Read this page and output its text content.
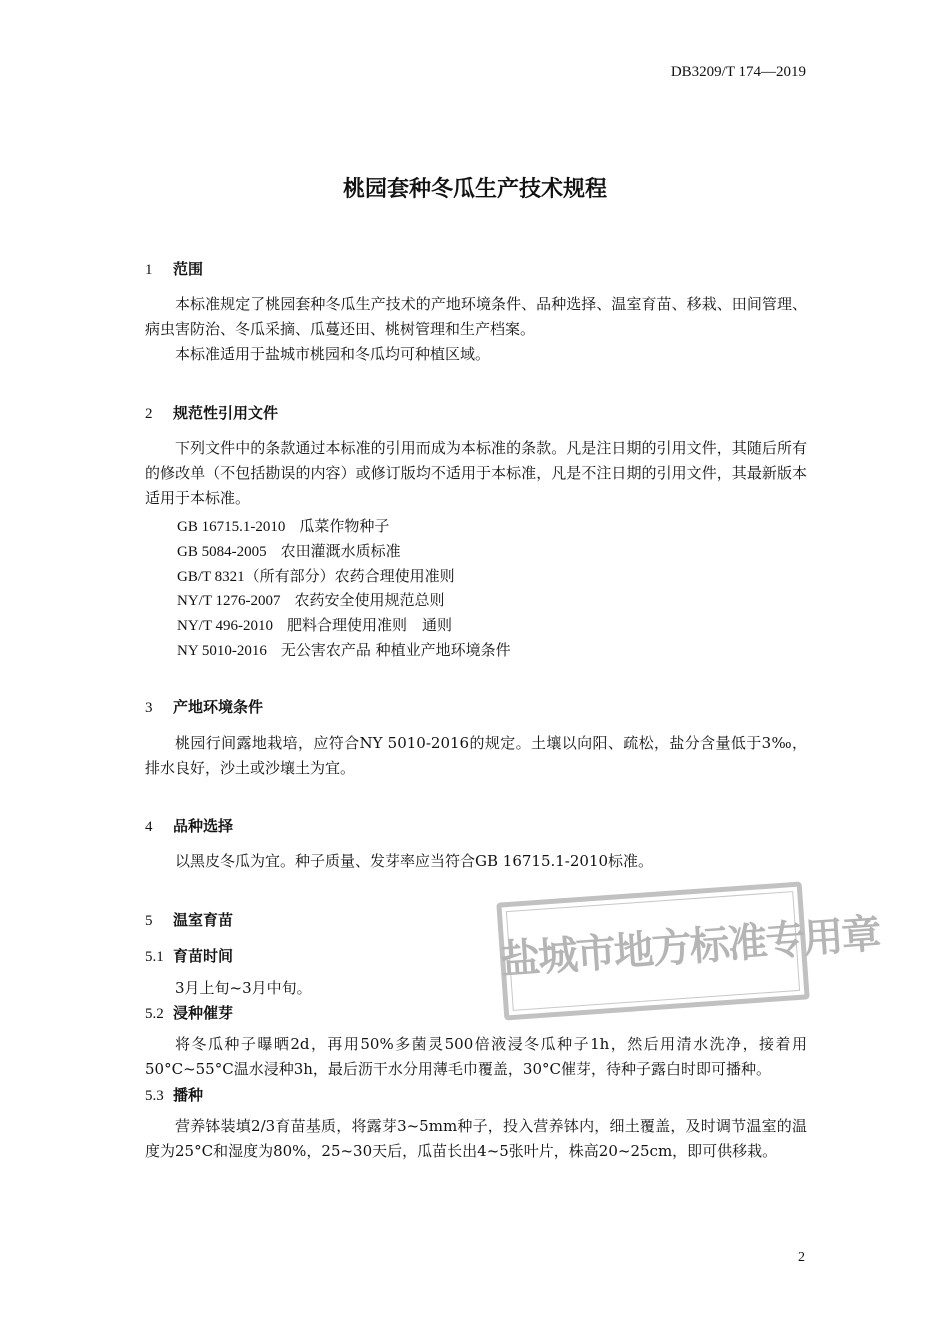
DB3209/T 174—2019
桃园套种冬瓜生产技术规程
1 范围
本标准规定了桃园套种冬瓜生产技术的产地环境条件、品种选择、温室育苗、移栽、田间管理、病虫害防治、冬瓜采摘、瓜蔓还田、桃树管理和生产档案。
本标准适用于盐城市桃园和冬瓜均可种植区域。
2 规范性引用文件
下列文件中的条款通过本标准的引用而成为本标准的条款。凡是注日期的引用文件，其随后所有的修改单（不包括勘误的内容）或修订版均不适用于本标准，凡是不注日期的引用文件，其最新版本适用于本标准。
GB 16715.1-2010 瓜菜作物种子
GB 5084-2005 农田灌溉水质标准
GB/T 8321（所有部分）农药合理使用准则
NY/T 1276-2007 农药安全使用规范总则
NY/T 496-2010 肥料合理使用准则　通则
NY 5010-2016 无公害农产品 种植业产地环境条件
3 产地环境条件
桃园行间露地栽培，应符合NY 5010-2016的规定。土壤以向阳、疏松，盐分含量低于3‰，排水良好，沙土或沙壤土为宜。
4 品种选择
以黑皮冬瓜为宜。种子质量、发芽率应当符合GB 16715.1-2010标准。
5 温室育苗
5.1 育苗时间
3月上旬~3月中旬。
5.2 浸种催芽
将冬瓜种子曝晒2d，再用50%多菌灵500倍液浸冬瓜种子1h，然后用清水洗净，接着用50°C~55°C温水浸种3h，最后沥干水分用薄毛巾覆盖，30°C催芽，待种子露白时即可播种。
5.3 播种
营养钵装填2/3育苗基质，将露芽3~5mm种子，投入营养钵内，细土覆盖，及时调节温室的温度为25°C和湿度为80%，25~30天后，瓜苗长出4~5张叶片，株高20~25cm，即可供移栽。
盐城市地方标准专用章
2
